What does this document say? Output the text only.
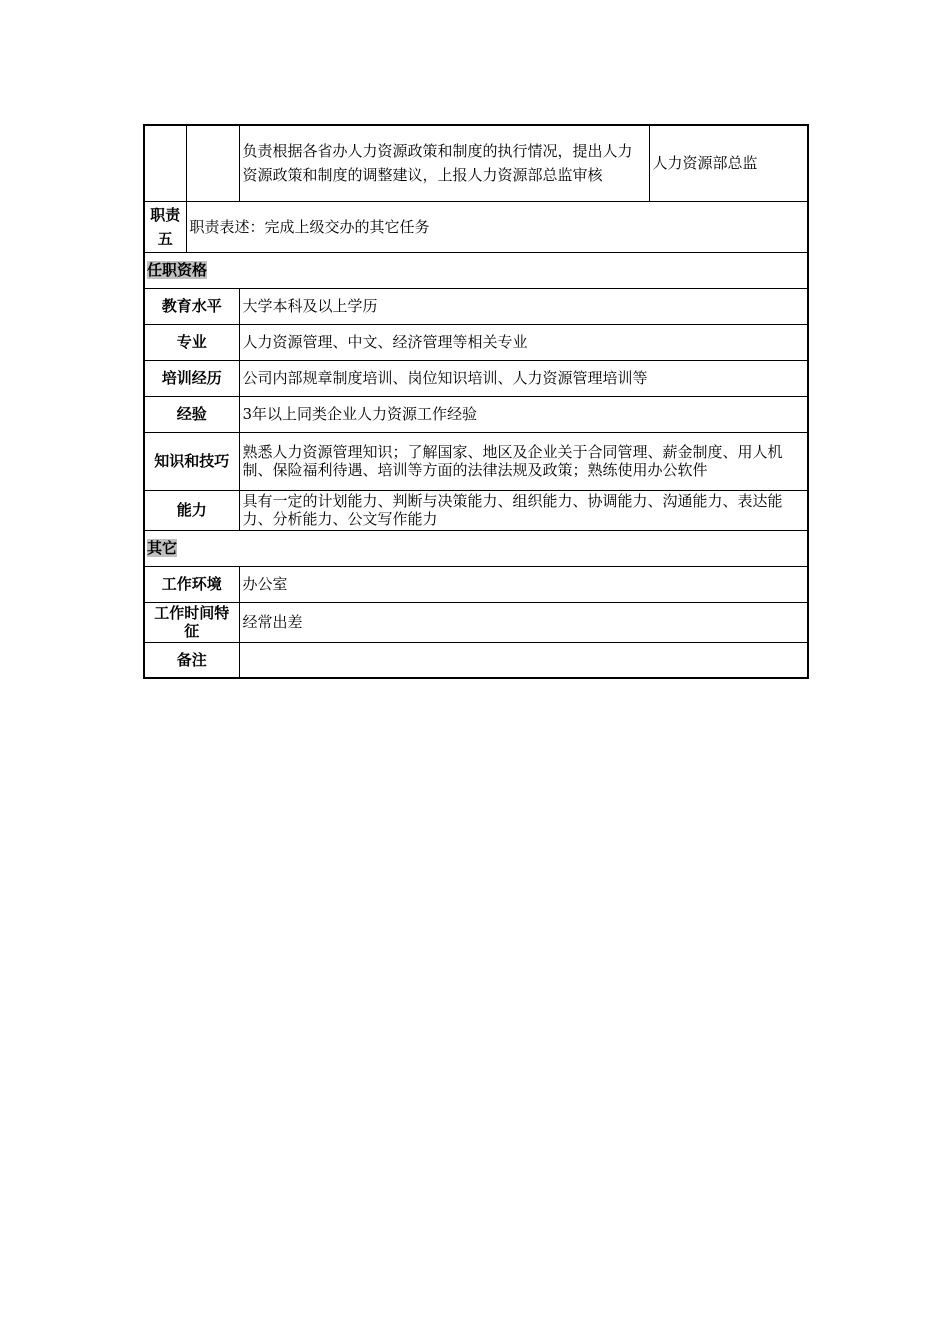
		负责根据各省办人力资源政策和制度的执行情况，提出人力资源政策和制度的调整建议，上报人力资源部总监审核	人力资源部总监
职责五	职责表述：完成上级交办的其它任务		
任职资格			
教育水平		大学本科及以上学历	
专业		人力资源管理、中文、经济管理等相关专业	
培训经历		公司内部规章制度培训、岗位知识培训、人力资源管理培训等	
经验		3年以上同类企业人力资源工作经验	
知识和技巧		熟悉人力资源管理知识；了解国家、地区及企业关于合同管理、薪金制度、用人机制、保险福利待遇、培训等方面的法律法规及政策；熟练使用办公软件	
能力		具有一定的计划能力、判断与决策能力、组织能力、协调能力、沟通能力、表达能力、分析能力、公文写作能力	
其它			
工作环境		办公室	
工作时间特征		经常出差	
备注			
